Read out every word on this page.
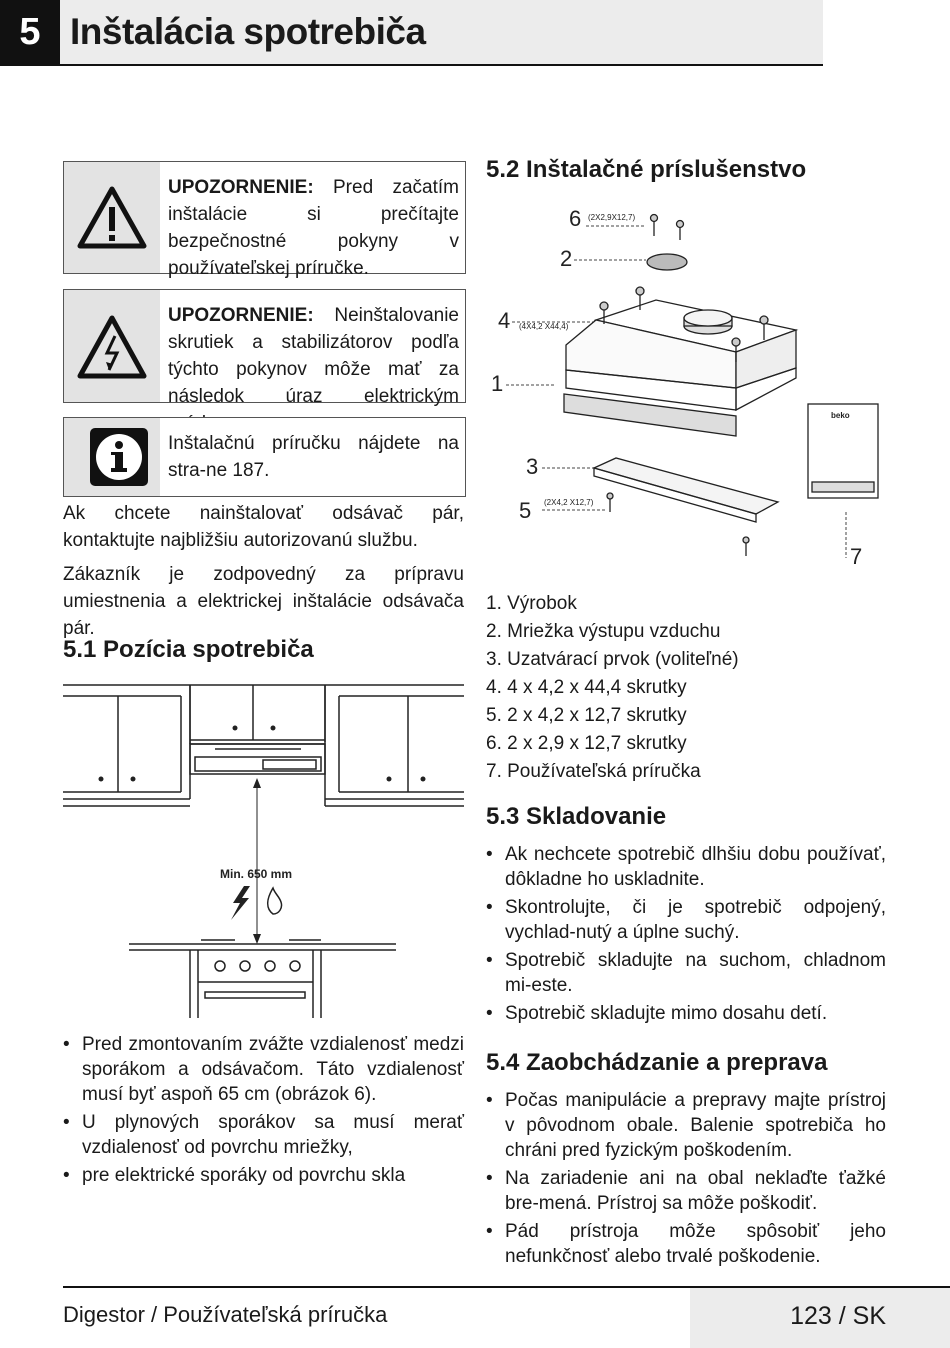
5 Inštalácia spotrebiča
UPOZORNENIE: Pred začatím inštalácie si prečítajte bezpečnostné pokyny v používateľskej príručke.
UPOZORNENIE: Neinštalovanie skrutiek a stabilizátorov podľa týchto pokynov môže mať za následok úraz elektrickým
Inštalačnú príručku nájdete na stra-ne 187.
Ak chcete nainštalovať odsávač pár, kontaktujte najbližšiu autorizovanú službu.
Zákazník je zodpovedný za prípravu umiestnenia a elektrickej inštalácie odsávača pár.
5.1 Pozícia spotrebiča
Min. 650 mm
• Pred zmontovaním zvážte vzdialenosť medzi sporákom a odsávačom. Táto vzdialenosť musí byť aspoň 65 cm (obrázok 6).
• U plynových sporákov sa musí merať vzdialenosť od povrchu mriežky,
• pre elektrické sporáky od povrchu skla
5.2 Inštalačné príslušenstvo
6 (2X2,9X12,7)
2
4 (4X4,2 X44,4)
1
3
5 (2X4,2 X12,7)
7
beko
1. Výrobok
2. Mriežka výstupu vzduchu
3. Uzatvárací prvok (voliteľné)
4. 4 x 4,2 x 44,4 skrutky
5. 2 x 4,2 x 12,7 skrutky
6. 2 x 2,9 x 12,7 skrutky
7. Používateľská príručka
5.3 Skladovanie
• Ak nechcete spotrebič dlhšiu dobu používať, dôkladne ho uskladnite.
• Skontrolujte, či je spotrebič odpojený, vychlad-nutý a úplne suchý.
• Spotrebič skladujte na suchom, chladnom mi-este.
• Spotrebič skladujte mimo dosahu detí.
5.4 Zaobchádzanie a preprava
• Počas manipulácie a prepravy majte prístroj v pôvodnom obale. Balenie spotrebiča ho chráni pred fyzickým poškodením.
• Na zariadenie ani na obal neklaďte ťažké bre-mená. Prístroj sa môže poškodiť.
• Pád prístroja môže spôsobiť jeho nefunkčnosť alebo trvalé poškodenie.
Digestor / Používateľská príručka	123 / SK
